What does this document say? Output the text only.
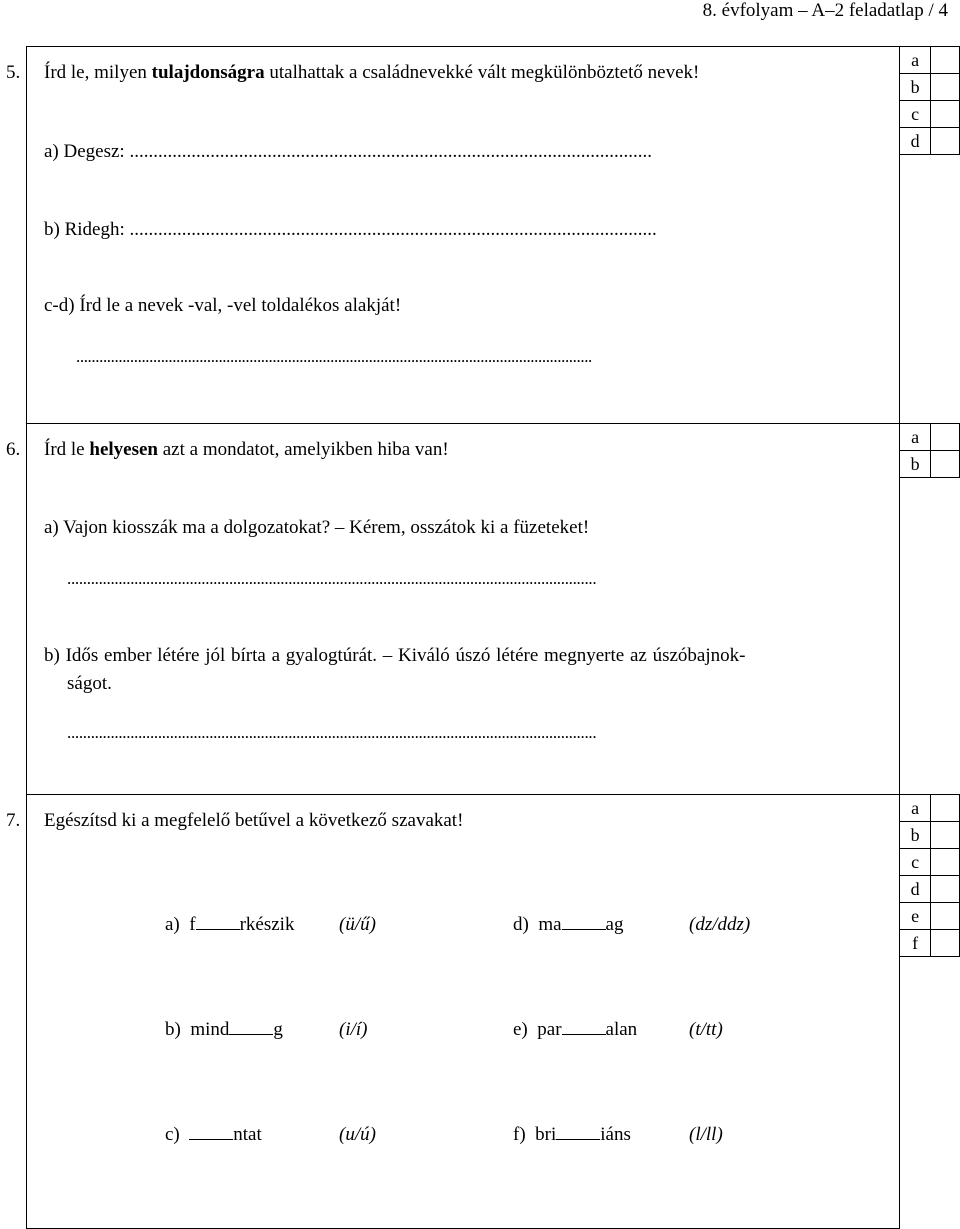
8. évfolyam – A–2 feladatlap / 4
a	
b	
c	
d	
5. Írd le, milyen tulajdonságra utalhattak a családnevekké vált megkülönböztető nevek!
a) Degesz: ..............................................................................................................
b) Ridegh: ...............................................................................................................
c-d) Írd le a nevek -val, -vel toldalékos alakját!
......................................................................................................................................
a	
b	
6. Írd le helyesen azt a mondatot, amelyikben hiba van!
a) Vajon kiosszák ma a dolgozatokat? – Kérem, osszátok ki a füzeteket!
......................................................................................................................................
b) Idős ember létére jól bírta a gyalogtúrát. – Kiváló úszó létére megnyerte az úszóbajnok-
ságot.
......................................................................................................................................
a	
b	
c	
d	
e	
f	
7. Egészítsd ki a megfelelő betűvel a következő szavakat!
a) f rkészik (ü/ű)	d) ma ag	(dz/ddz)
b) mind g	(i/í)	e) par alan	(t/tt)
c)	ntat	(u/ú)	f) bri iáns	(l/ll)
